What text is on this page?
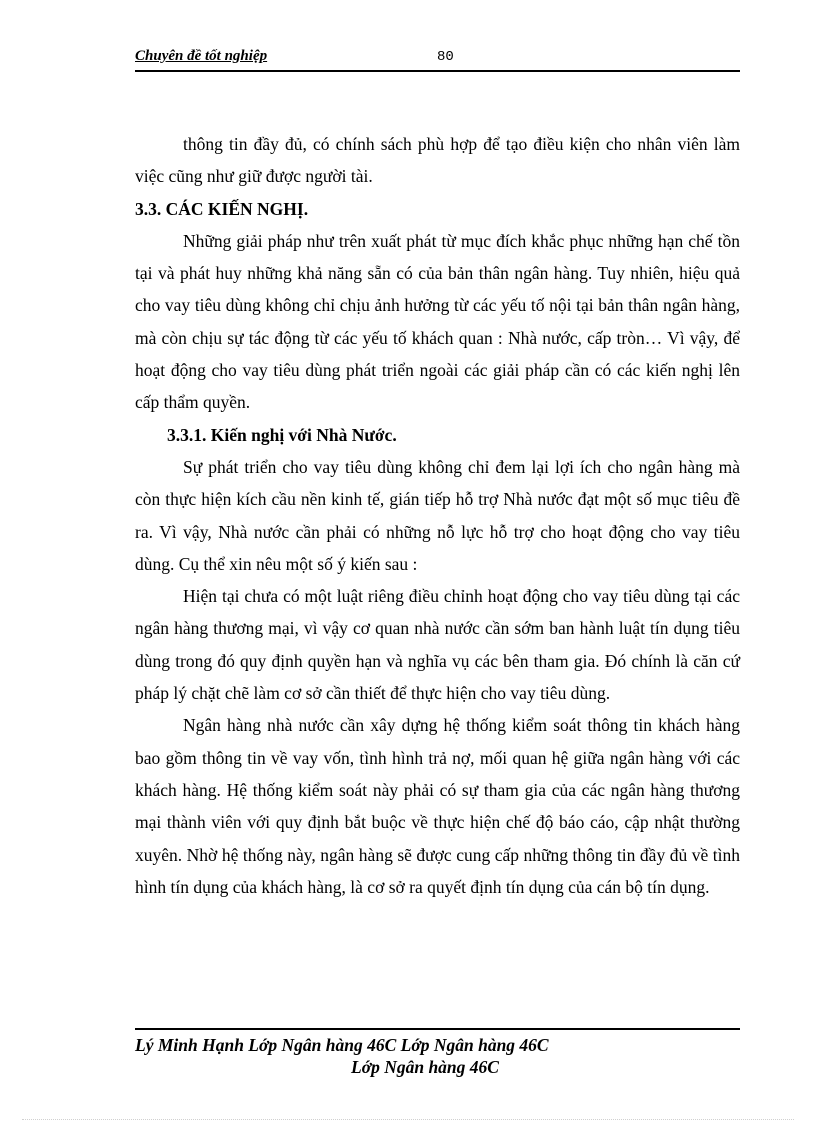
Chuyên đề tốt nghiệp	80

thông tin đầy đủ, có chính sách phù hợp để tạo điều kiện cho nhân viên làm việc cũng như giữ được người tài.

3.3. CÁC KIẾN NGHỊ.

Những giải pháp như trên xuất phát từ mục đích khắc phục những hạn chế tồn tại và phát huy những khả năng sẵn có của bản thân ngân hàng. Tuy nhiên, hiệu quả cho vay tiêu dùng không chỉ chịu ảnh hưởng từ các yếu tố nội tại bản thân ngân hàng, mà còn chịu sự tác động từ các yếu tố khách quan : Nhà nước, cấp tròn… Vì vậy, để hoạt động cho vay tiêu dùng phát triển ngoài các giải pháp cần có các kiến nghị lên cấp thẩm quyền.

3.3.1. Kiến nghị với Nhà Nước.

Sự phát triển cho vay tiêu dùng không chỉ đem lại lợi ích cho ngân hàng mà còn thực hiện kích cầu nền kinh tế, gián tiếp hỗ trợ Nhà nước đạt một số mục tiêu đề ra. Vì vậy, Nhà nước cần phải có những nỗ lực hỗ trợ cho hoạt động cho vay tiêu dùng. Cụ thể xin nêu một số ý kiến sau :

Hiện tại chưa có một luật riêng điều chỉnh hoạt động cho vay tiêu dùng tại các ngân hàng thương mại, vì vậy cơ quan nhà nước cần sớm ban hành luật tín dụng tiêu dùng trong đó quy định quyền hạn và nghĩa vụ các bên tham gia. Đó chính là căn cứ pháp lý chặt chẽ làm cơ sở cần thiết để thực hiện cho vay tiêu dùng.

Ngân hàng nhà nước cần xây dựng hệ thống kiểm soát thông tin khách hàng bao gồm thông tin về vay vốn, tình hình trả nợ, mối quan hệ giữa ngân hàng với các khách hàng. Hệ thống kiểm soát này phải có sự tham gia của các ngân hàng thương mại thành viên với quy định bắt buộc về thực hiện chế độ báo cáo, cập nhật thường xuyên. Nhờ hệ thống này, ngân hàng sẽ được cung cấp những thông tin đầy đủ về tình hình tín dụng của khách hàng, là cơ sở ra quyết định tín dụng của cán bộ tín dụng.

Lý Minh Hạnh Lớp Ngân hàng 46C Lớp Ngân hàng 46C
Lớp Ngân hàng 46C
